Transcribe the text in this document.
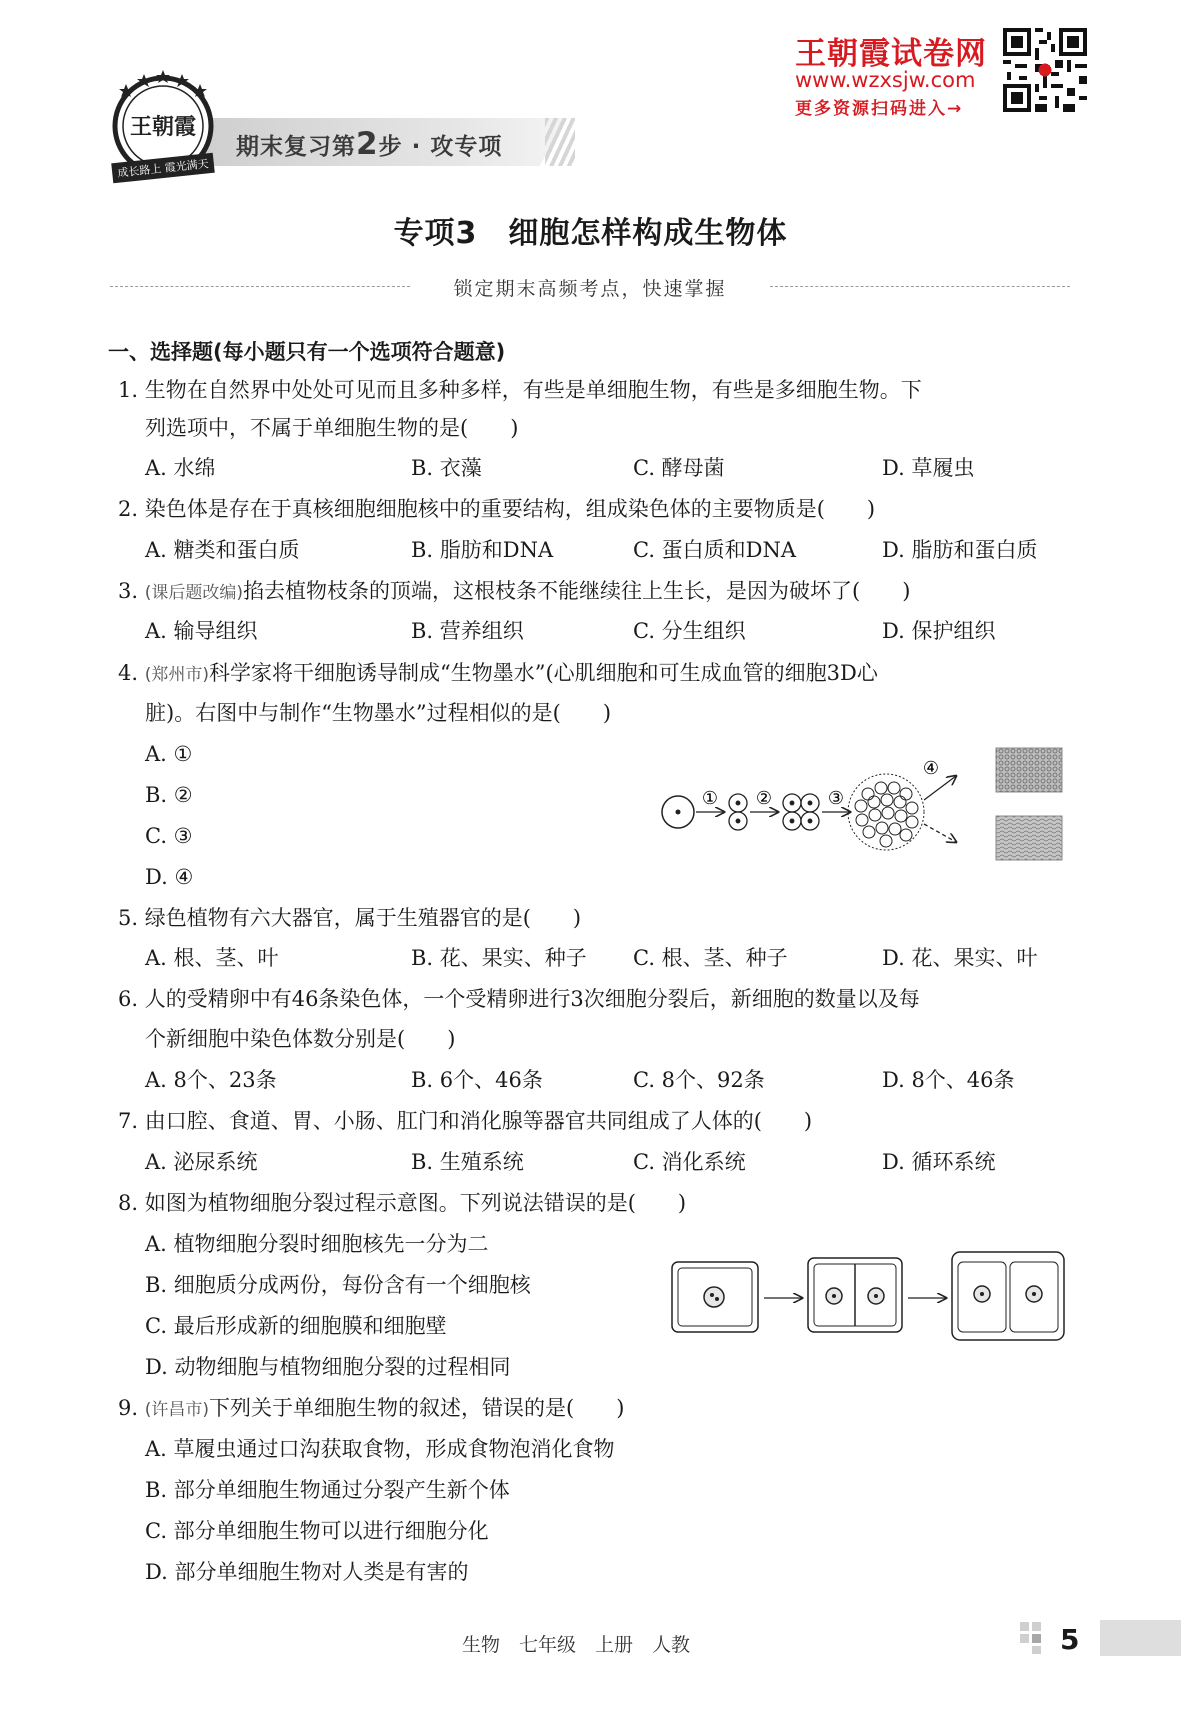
期末复习第2步 · 攻专项
王朝霞
成长路上 霞光满天
王朝霞试卷网
www.wzxsjw.com
更多资源扫码进入→
专项3　细胞怎样构成生物体
锁定期末高频考点，快速掌握
一、选择题(每小题只有一个选项符合题意)
1. 生物在自然界中处处可见而且多种多样，有些是单细胞生物，有些是多细胞生物。下
列选项中，不属于单细胞生物的是(　　)
A. 水绵	B. 衣藻	C. 酵母菌	D. 草履虫
2. 染色体是存在于真核细胞细胞核中的重要结构，组成染色体的主要物质是(　　)
A. 糖类和蛋白质	B. 脂肪和DNA	C. 蛋白质和DNA	D. 脂肪和蛋白质
3. (课后题改编)掐去植物枝条的顶端，这根枝条不能继续往上生长，是因为破坏了(　　)
A. 输导组织	B. 营养组织	C. 分生组织	D. 保护组织
4. (郑州市)科学家将干细胞诱导制成“生物墨水”(心肌细胞和可生成血管的细胞3D心
脏)。右图中与制作“生物墨水”过程相似的是(　　)
A. ①
B. ②
C. ③
D. ④
① ②	③
④
5. 绿色植物有六大器官，属于生殖器官的是(　　)
A. 根、茎、叶	B. 花、果实、种子 C. 根、茎、种子	D. 花、果实、叶
6. 人的受精卵中有46条染色体，一个受精卵进行3次细胞分裂后，新细胞的数量以及每
个新细胞中染色体数分别是(　　)
A. 8个、23条	B. 6个、46条	C. 8个、92条	D. 8个、46条
7. 由口腔、食道、胃、小肠、肛门和消化腺等器官共同组成了人体的(　　)
A. 泌尿系统	B. 生殖系统	C. 消化系统	D. 循环系统
8. 如图为植物细胞分裂过程示意图。下列说法错误的是(　　)
A. 植物细胞分裂时细胞核先一分为二
B. 细胞质分成两份，每份含有一个细胞核
C. 最后形成新的细胞膜和细胞壁
D. 动物细胞与植物细胞分裂的过程相同
9. (许昌市)下列关于单细胞生物的叙述，错误的是(　　)
A. 草履虫通过口沟获取食物，形成食物泡消化食物
B. 部分单细胞生物通过分裂产生新个体
C. 部分单细胞生物可以进行细胞分化
D. 部分单细胞生物对人类是有害的
生物　七年级　上册　人教	5
